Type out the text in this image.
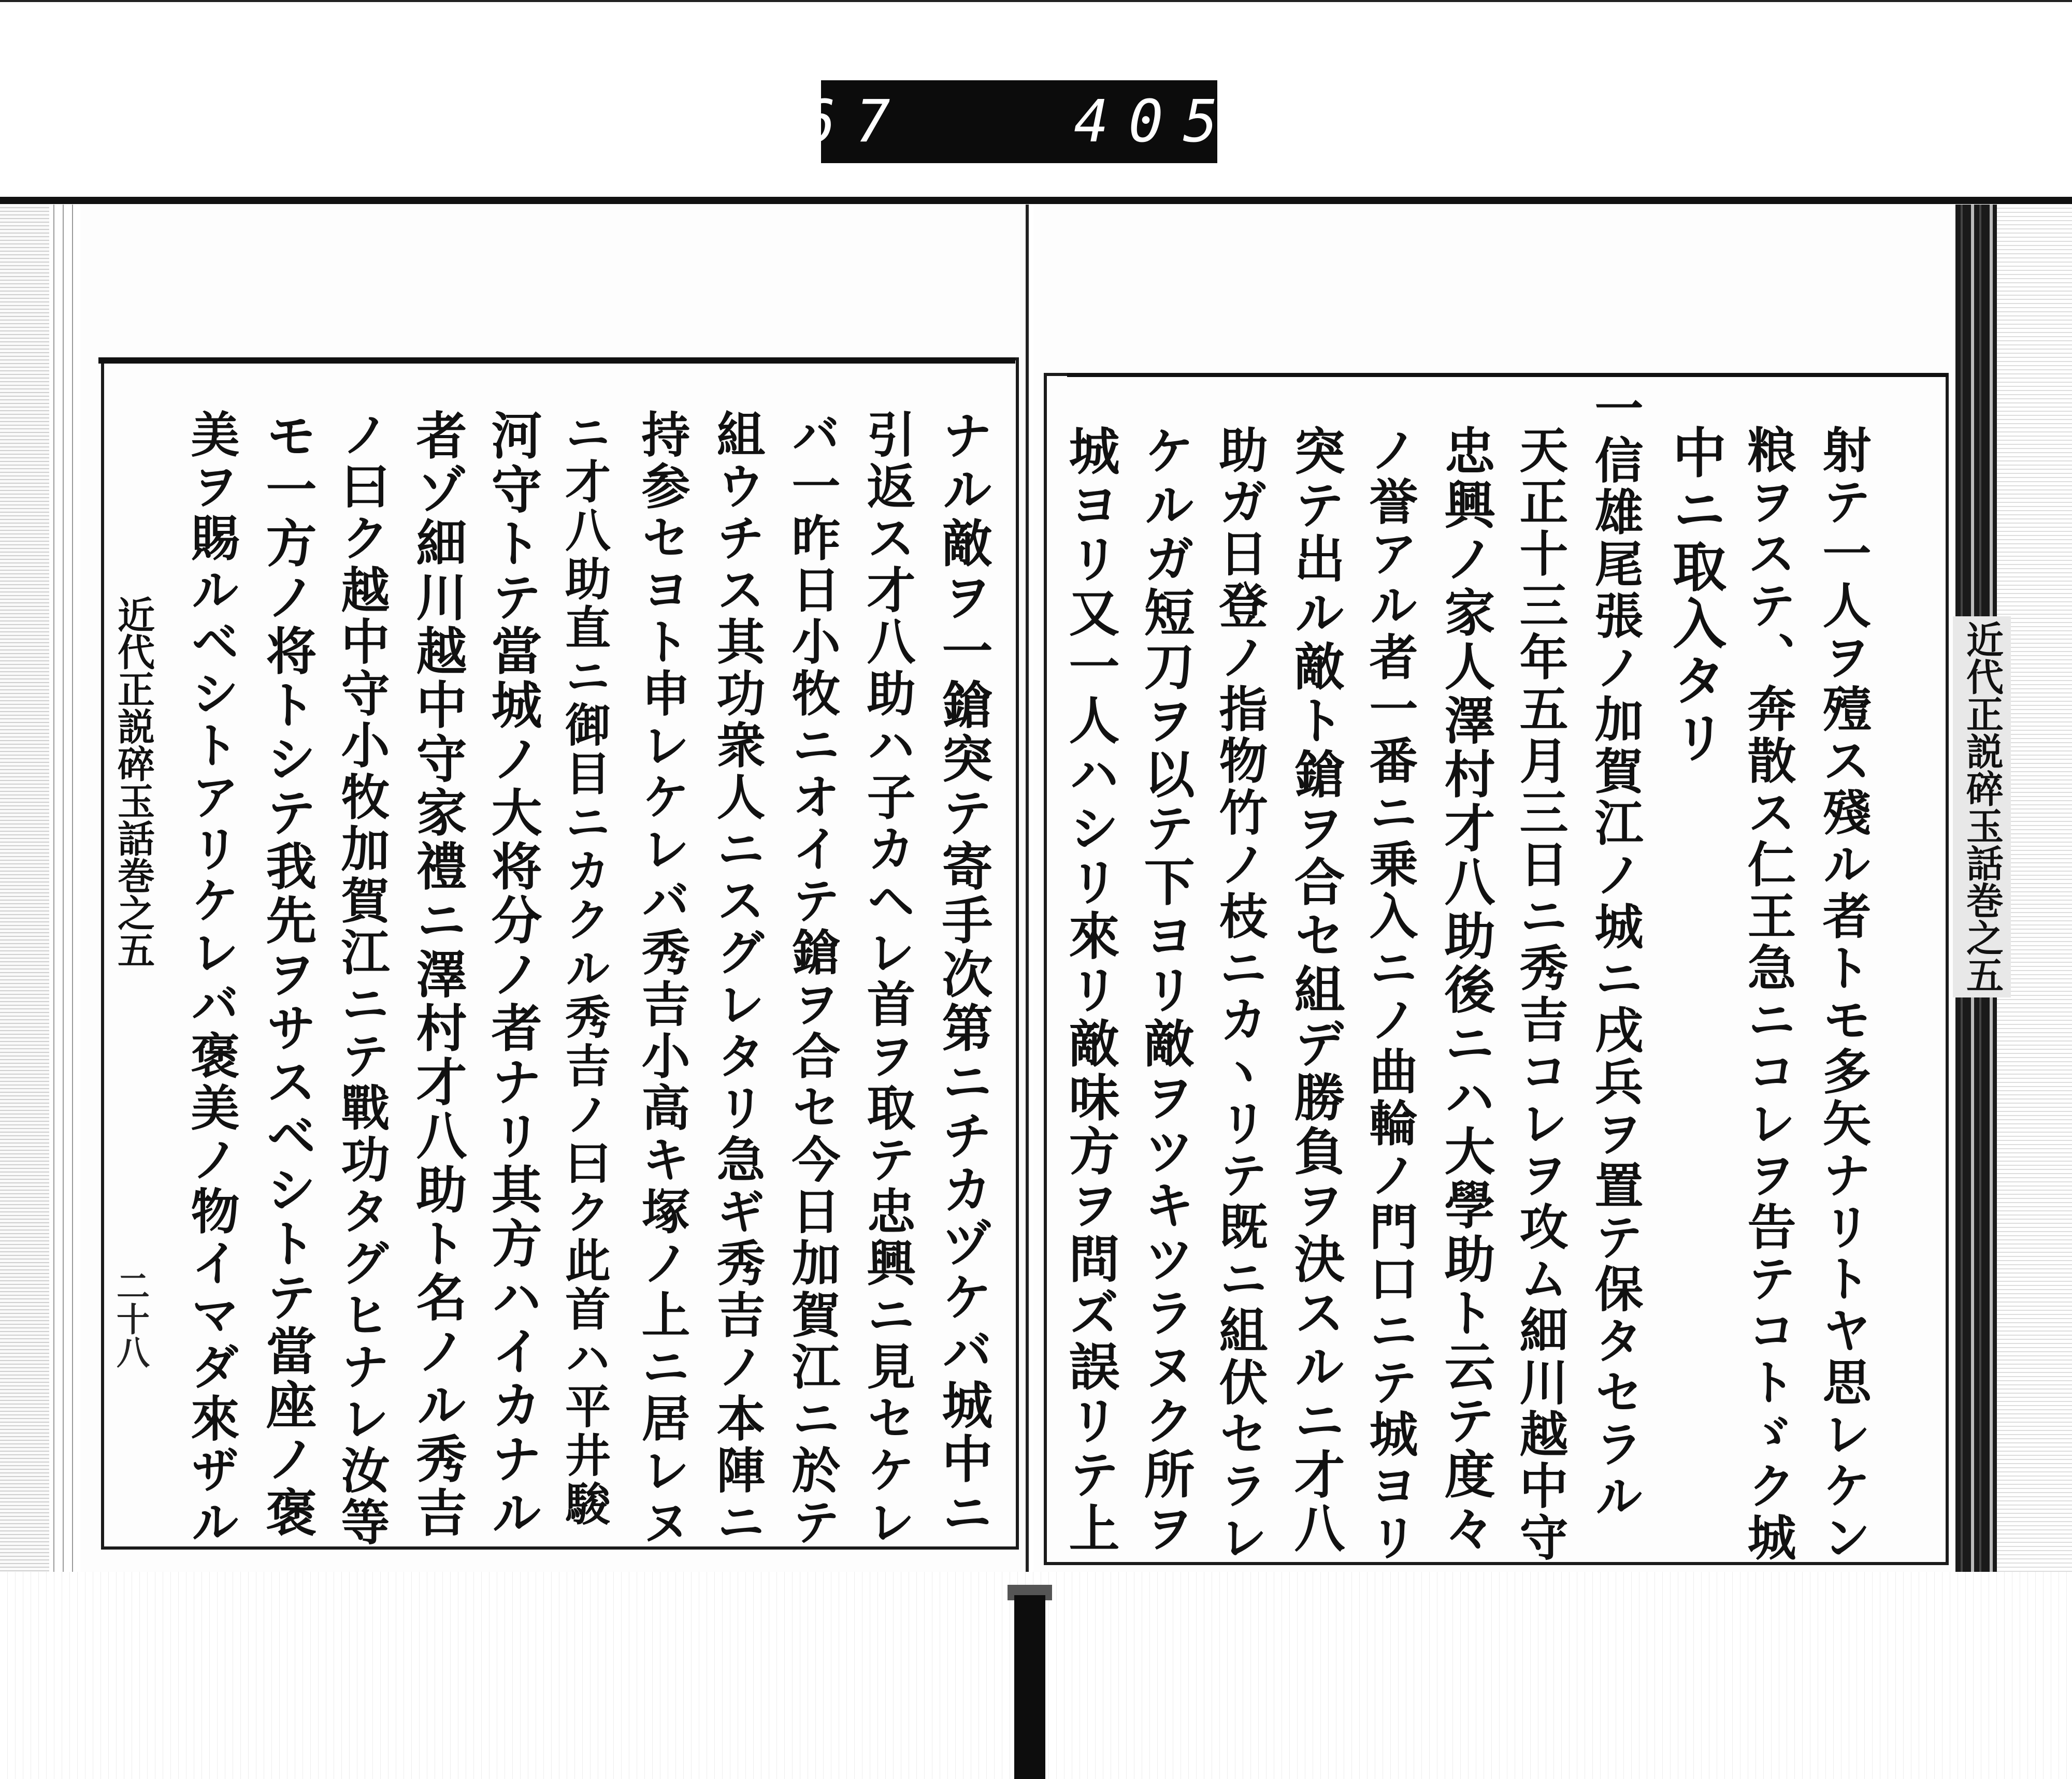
667   405.
近代正説碎玉話巻之五
近代正説碎玉話巻之五
二十八	射テ一人ヲ殪ス殘ル者トモ多矢ナリトヤ思レケン
粮ヲステ、奔散ス仁王急ニコレヲ告テコトゞク城
中ニ取入タリ
一信雄尾張ノ加賀江ノ城ニ戌兵ヲ置テ保タセラル
天正十三年五月三日ニ秀吉コレヲ攻ム細川越中守
忠興ノ家人澤村才八助後ニハ大學助ト云テ度々
ノ誉アル者一番ニ乗入ニノ曲輪ノ門口ニテ城ヨリ
突テ出ル敵ト鎗ヲ合セ組デ勝負ヲ決スルニ才八
助ガ日登ノ指物竹ノ枝ニカヽリテ既ニ組伏セラレ
ケルガ短刀ヲ以テ下ヨリ敵ヲツキツラヌク所ヲ
城ヨリ又一人ハシリ來リ敵味方ヲ問ズ誤リテ上
ナル敵ヲ一鎗突テ寄手次第ニチカヅケバ城中ニ
引返ス才八助ハ子カヘレ首ヲ取テ忠興ニ見セケレ
バ一昨日小牧ニオイテ鎗ヲ合セ今日加賀江ニ於テ
組ウチス其功衆人ニスグレタリ急ギ秀吉ノ本陣ニ
持参セヨト申レケレバ秀吉小高キ塚ノ上ニ居レヌ
ニ才八助直ニ御目ニカクル秀吉ノ曰ク此首ハ平井駿
河守トテ當城ノ大将分ノ者ナリ其方ハイカナル
者ゾ細川越中守家禮ニ澤村才八助ト名ノル秀吉
ノ曰ク越中守小牧加賀江ニテ戰功タグヒナレ汝等
モ一方ノ将トシテ我先ヲサスベシトテ當座ノ褒
美ヲ賜ルベシトアリケレバ褒美ノ物イマダ來ザル
